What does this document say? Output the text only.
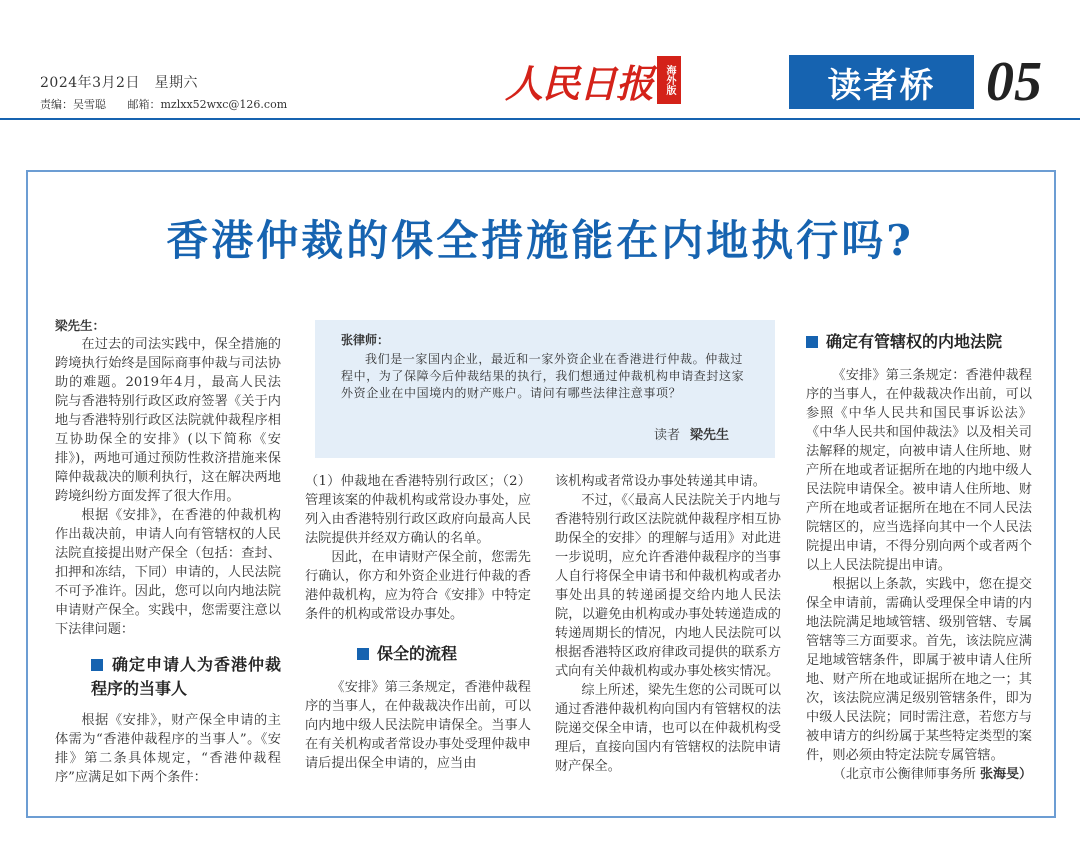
2024年3月2日　星期六
责编：吴雪聪 邮箱：mzlxx52wxc@126.com	人民日报 海外版	读者桥 05
香港仲裁的保全措施能在内地执行吗?
张律师：
我们是一家国内企业，最近和一家外资企业在香港进行仲裁。仲裁过程中，为了保障今后仲裁结果的执行，我们想通过仲裁机构申请查封这家外资企业在中国境内的财产账户。请问有哪些法律注意事项？
读者 梁先生

梁先生：

在过去的司法实践中，保全措施的跨境执行始终是国际商事仲裁与司法协助的难题。2019年4月，最高人民法院与香港特别行政区政府签署《关于内地与香港特别行政区法院就仲裁程序相互协助保全的安排》(以下简称《安排》)，两地可通过预防性救济措施来保障仲裁裁决的顺利执行，这在解决两地跨境纠纷方面发挥了很大作用。

根据《安排》，在香港的仲裁机构作出裁决前，申请人向有管辖权的人民法院直接提出财产保全（包括：查封、扣押和冻结，下同）申请的，人民法院不可予准许。因此，您可以向内地法院申请财产保全。实践中，您需要注意以下法律问题：

确定申请人为香港仲裁程序的当事人

根据《安排》，财产保全申请的主体需为“香港仲裁程序的当事人”。《安排》第二条具体规定，“香港仲裁程序”应满足如下两个条件：

（1）仲裁地在香港特别行政区；（2）管理该案的仲裁机构或常设办事处，应列入由香港特别行政区政府向最高人民法院提供并经双方确认的名单。

因此，在申请财产保全前，您需先行确认，你方和外资企业进行仲裁的香港仲裁机构，应为符合《安排》中特定条件的机构或常设办事处。

保全的流程

《安排》第三条规定，香港仲裁程序的当事人，在仲裁裁决作出前，可以向内地中级人民法院申请保全。当事人在有关机构或者常设办事处受理仲裁申请后提出保全申请的，应当由

该机构或者常设办事处转递其申请。

不过，《〈最高人民法院关于内地与香港特别行政区法院就仲裁程序相互协助保全的安排〉的理解与适用》对此进一步说明，应允许香港仲裁程序的当事人自行将保全申请书和仲裁机构或者办事处出具的转递函提交给内地人民法院，以避免由机构或办事处转递造成的转递周期长的情况，内地人民法院可以根据香港特区政府律政司提供的联系方式向有关仲裁机构或办事处核实情况。

综上所述，梁先生您的公司既可以通过香港仲裁机构向国内有管辖权的法院递交保全申请，也可以在仲裁机构受理后，直接向国内有管辖权的法院申请财产保全。

确定有管辖权的内地法院

《安排》第三条规定：香港仲裁程序的当事人，在仲裁裁决作出前，可以参照《中华人民共和国民事诉讼法》《中华人民共和国仲裁法》以及相关司法解释的规定，向被申请人住所地、财产所在地或者证据所在地的内地中级人民法院申请保全。被申请人住所地、财产所在地或者证据所在地在不同人民法院辖区的，应当选择向其中一个人民法院提出申请，不得分别向两个或者两个以上人民法院提出申请。

根据以上条款，实践中，您在提交保全申请前，需确认受理保全申请的内地法院满足地域管辖、级别管辖、专属管辖等三方面要求。首先，该法院应满足地域管辖条件，即属于被申请人住所地、财产所在地或证据所在地之一；其次，该法院应满足级别管辖条件，即为中级人民法院；同时需注意，若您方与被申请方的纠纷属于某些特定类型的案件，则必须由特定法院专属管辖。

（北京市公衡律师事务所 张海旻）
